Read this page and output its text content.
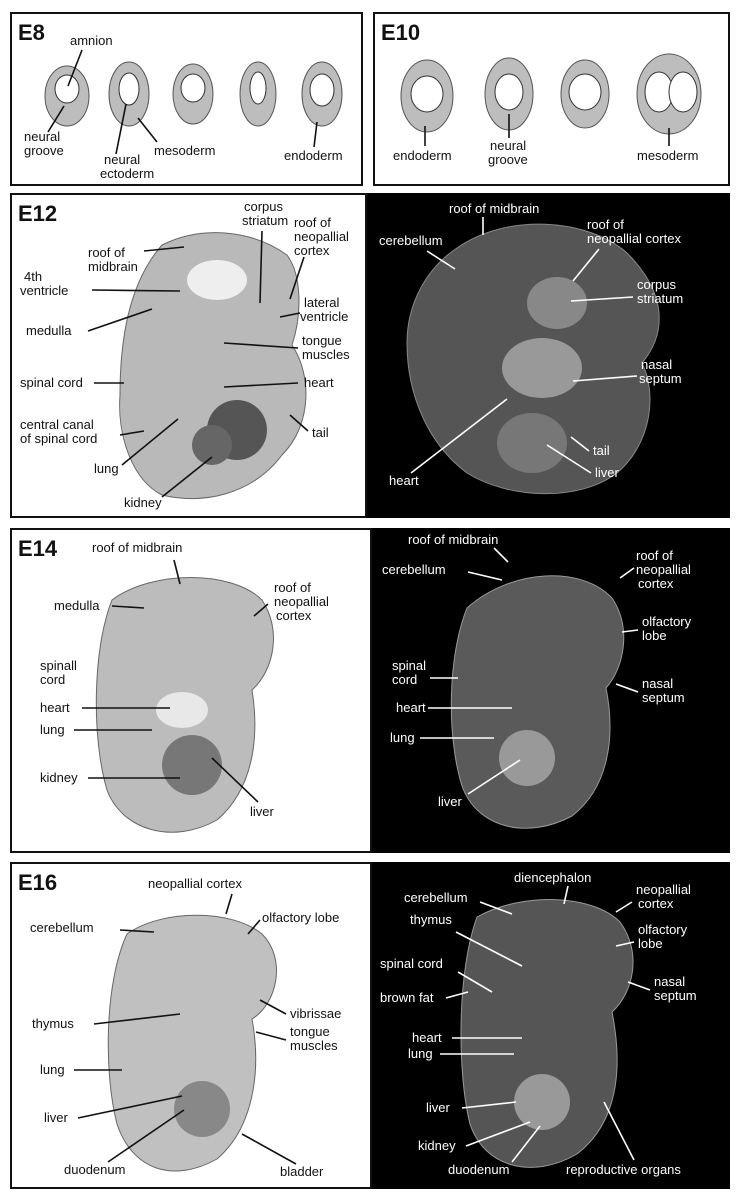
E8 amnion
neural
groove
neural
ectoderm
mesoderm	endoderm
E10
endoderm
neural
groove	mesoderm
E12	corpus
striatum
roof of
midbrain
roof of
neopallial
cortex
4th
ventricle
lateral
ventricle
medulla
tongue
muscles
spinal cord	heart
central canal
of spinal cord	tail
lung
kidney
roof of midbrain
cerebellum
roof of
neopallial cortex
corpus
striatum
nasal
septum
tail
heart
liver
E14	roof of midbrain
medulla
roof of
neopallial
cortex
spinall
cord
heart
lung
kidney
liver
roof of midbrain
cerebellum
roof of
neopallial
cortex
olfactory
lobe
spinal
cord	nasal
septum
heart
lung
liver
E16	neopallial cortex
cerebellum
olfactory lobe
vibrissae
thymus
tongue
muscles
lung
liver
duodenum	bladder
diencephalon
cerebellum
neopallial
cortex
thymus
olfactory
lobe
spinal cord
nasal
septum
brown fat
heart
lung
liver
kidney
duodenum	reproductive organs
